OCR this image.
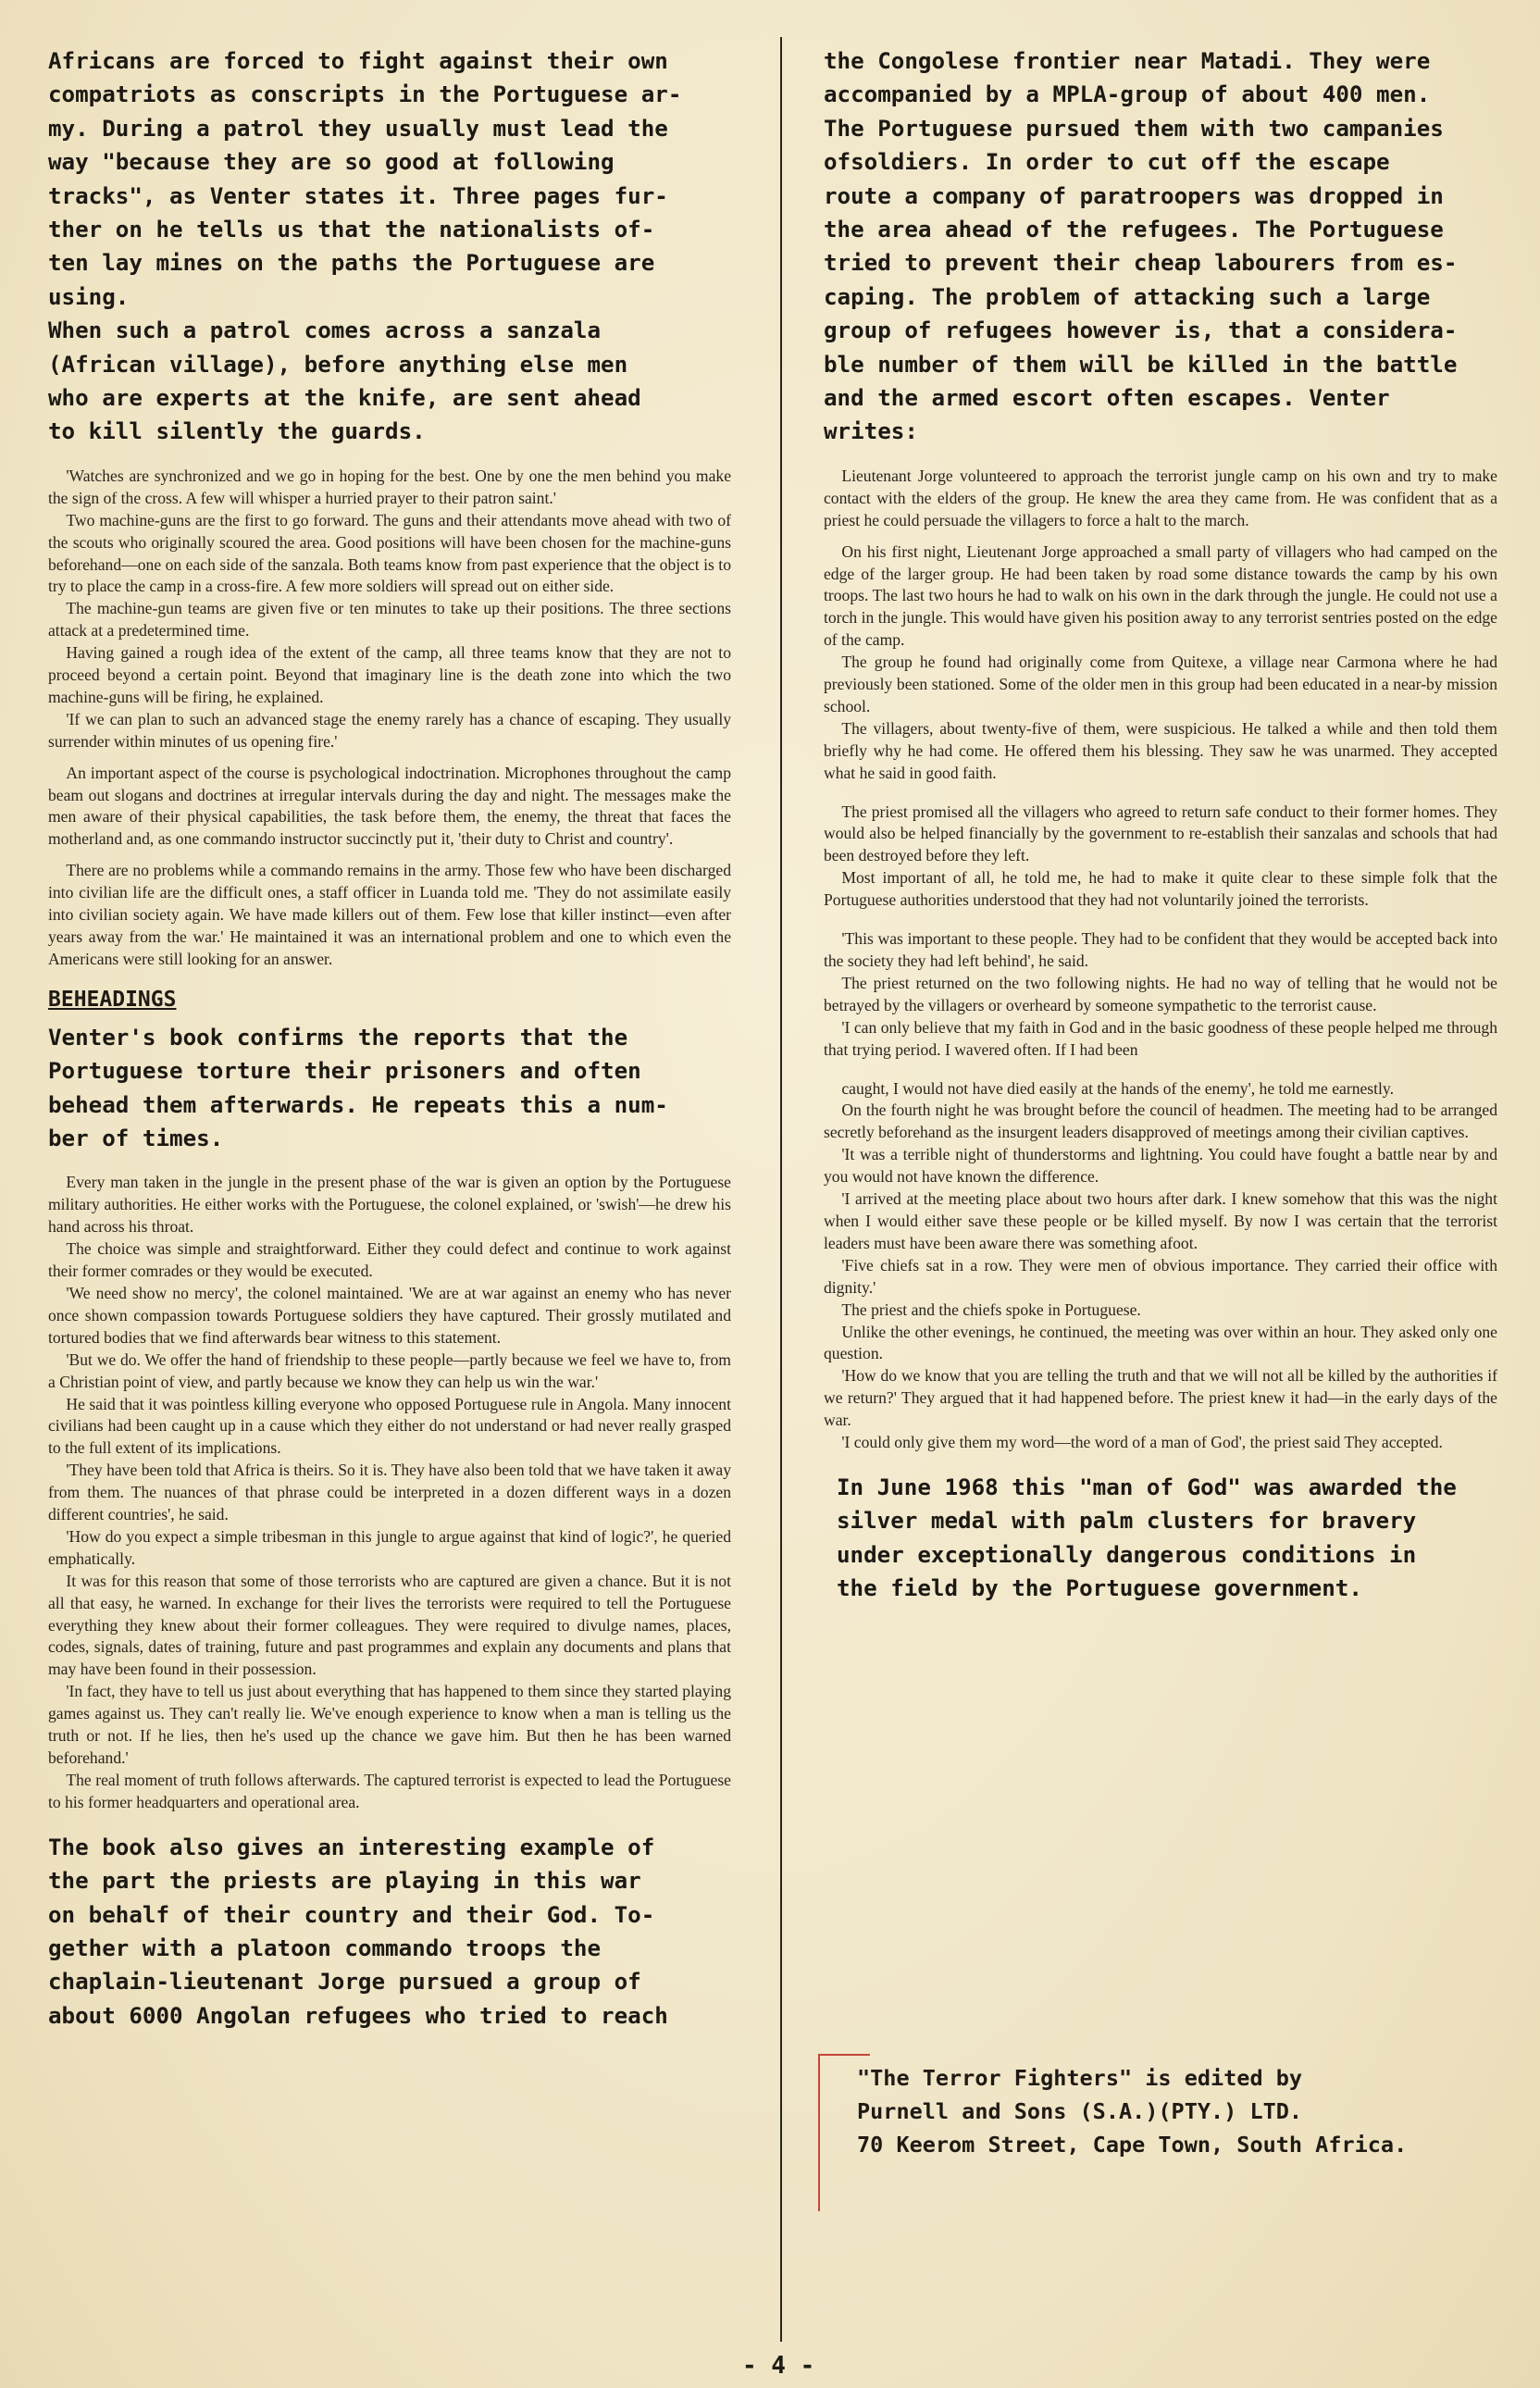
Africans are forced to fight against their own
compatriots as conscripts in the Portuguese ar-
my. During a patrol they usually must lead the
way "because they are so good at following
tracks", as Venter states it. Three pages fur-
ther on he tells us that the nationalists of-
ten lay mines on the paths the Portuguese are
using.
When such a patrol comes across a sanzala
(African village), before anything else men
who are experts at the knife, are sent ahead
to kill silently the guards.

'Watches are synchronized and we go in hoping for the best. One by one the men behind you make the sign of the cross. A few will whisper a hurried prayer to their patron saint.'

Two machine-guns are the first to go forward. The guns and their attendants move ahead with two of the scouts who originally scoured the area. Good positions will have been chosen for the machine-guns beforehand—one on each side of the sanzala. Both teams know from past experience that the object is to try to place the camp in a cross-fire. A few more soldiers will spread out on either side.

The machine-gun teams are given five or ten minutes to take up their positions. The three sections attack at a predetermined time.

Having gained a rough idea of the extent of the camp, all three teams know that they are not to proceed beyond a certain point. Beyond that imaginary line is the death zone into which the two machine-guns will be firing, he explained.

'If we can plan to such an advanced stage the enemy rarely has a chance of escaping. They usually surrender within minutes of us opening fire.'

An important aspect of the course is psychological indoctrination. Microphones throughout the camp beam out slogans and doctrines at irregular intervals during the day and night. The messages make the men aware of their physical capabilities, the task before them, the enemy, the threat that faces the motherland and, as one commando instructor succinctly put it, 'their duty to Christ and country'.

There are no problems while a commando remains in the army. Those few who have been discharged into civilian life are the difficult ones, a staff officer in Luanda told me. 'They do not assimilate easily into civilian society again. We have made killers out of them. Few lose that killer instinct—even after years away from the war.' He maintained it was an international problem and one to which even the Americans were still looking for an answer.

BEHEADINGS
Venter's book confirms the reports that the
Portuguese torture their prisoners and often
behead them afterwards. He repeats this a num-
ber of times.

Every man taken in the jungle in the present phase of the war is given an option by the Portuguese military authorities. He either works with the Portuguese, the colonel explained, or 'swish'—he drew his hand across his throat.

The choice was simple and straightforward. Either they could defect and continue to work against their former comrades or they would be executed.

'We need show no mercy', the colonel maintained. 'We are at war against an enemy who has never once shown compassion towards Portuguese soldiers they have captured. Their grossly mutilated and tortured bodies that we find afterwards bear witness to this statement.

'But we do. We offer the hand of friendship to these people—partly because we feel we have to, from a Christian point of view, and partly because we know they can help us win the war.'

He said that it was pointless killing everyone who opposed Portuguese rule in Angola. Many innocent civilians had been caught up in a cause which they either do not understand or had never really grasped to the full extent of its implications.

'They have been told that Africa is theirs. So it is. They have also been told that we have taken it away from them. The nuances of that phrase could be interpreted in a dozen different ways in a dozen different countries', he said.

'How do you expect a simple tribesman in this jungle to argue against that kind of logic?', he queried emphatically.

It was for this reason that some of those terrorists who are captured are given a chance. But it is not all that easy, he warned. In exchange for their lives the terrorists were required to tell the Portuguese everything they knew about their former colleagues. They were required to divulge names, places, codes, signals, dates of training, future and past programmes and explain any documents and plans that may have been found in their possession.

'In fact, they have to tell us just about everything that has happened to them since they started playing games against us. They can't really lie. We've enough experience to know when a man is telling us the truth or not. If he lies, then he's used up the chance we gave him. But then he has been warned beforehand.'

The real moment of truth follows afterwards. The captured terrorist is expected to lead the Portuguese to his former headquarters and operational area.

The book also gives an interesting example of
the part the priests are playing in this war
on behalf of their country and their God. To-
gether with a platoon commando troops the
chaplain-lieutenant Jorge pursued a group of
about 6000 Angolan refugees who tried to reach
the Congolese frontier near Matadi. They were
accompanied by a MPLA-group of about 400 men.
The Portuguese pursued them with two campanies
ofsoldiers. In order to cut off the escape
route a company of paratroopers was dropped in
the area ahead of the refugees. The Portuguese
tried to prevent their cheap labourers from es-
caping. The problem of attacking such a large
group of refugees however is, that a considera-
ble number of them will be killed in the battle
and the armed escort often escapes. Venter
writes:

Lieutenant Jorge volunteered to approach the terrorist jungle camp on his own and try to make contact with the elders of the group. He knew the area they came from. He was confident that as a priest he could persuade the villagers to force a halt to the march.

On his first night, Lieutenant Jorge approached a small party of villagers who had camped on the edge of the larger group. He had been taken by road some distance towards the camp by his own troops. The last two hours he had to walk on his own in the dark through the jungle. He could not use a torch in the jungle. This would have given his position away to any terrorist sentries posted on the edge of the camp.

The group he found had originally come from Quitexe, a village near Carmona where he had previously been stationed. Some of the older men in this group had been educated in a near-by mission school.

The villagers, about twenty-five of them, were suspicious. He talked a while and then told them briefly why he had come. He offered them his blessing. They saw he was unarmed. They accepted what he said in good faith.

The priest promised all the villagers who agreed to return safe conduct to their former homes. They would also be helped financially by the government to re-establish their sanzalas and schools that had been destroyed before they left.

Most important of all, he told me, he had to make it quite clear to these simple folk that the Portuguese authorities understood that they had not voluntarily joined the terrorists.

'This was important to these people. They had to be confident that they would be accepted back into the society they had left behind', he said.

The priest returned on the two following nights. He had no way of telling that he would not be betrayed by the villagers or overheard by someone sympathetic to the terrorist cause.

'I can only believe that my faith in God and in the basic goodness of these people helped me through that trying period. I wavered often. If I had been

caught, I would not have died easily at the hands of the enemy', he told me earnestly.

On the fourth night he was brought before the council of headmen. The meeting had to be arranged secretly beforehand as the insurgent leaders disapproved of meetings among their civilian captives.

'It was a terrible night of thunderstorms and lightning. You could have fought a battle near by and you would not have known the difference.

'I arrived at the meeting place about two hours after dark. I knew somehow that this was the night when I would either save these people or be killed myself. By now I was certain that the terrorist leaders must have been aware there was something afoot.

'Five chiefs sat in a row. They were men of obvious importance. They carried their office with dignity.'

The priest and the chiefs spoke in Portuguese.

Unlike the other evenings, he continued, the meeting was over within an hour. They asked only one question.

'How do we know that you are telling the truth and that we will not all be killed by the authorities if we return?' They argued that it had happened before. The priest knew it had—in the early days of the war.

'I could only give them my word—the word of a man of God', the priest said They accepted.

In June 1968 this "man of God" was awarded the
silver medal with palm clusters for bravery
under exceptionally dangerous conditions in
the field by the Portuguese government.
"The Terror Fighters" is edited by
Purnell and Sons (S.A.)(PTY.) LTD.
70 Keerom Street, Cape Town, South Africa.
- 4 -
